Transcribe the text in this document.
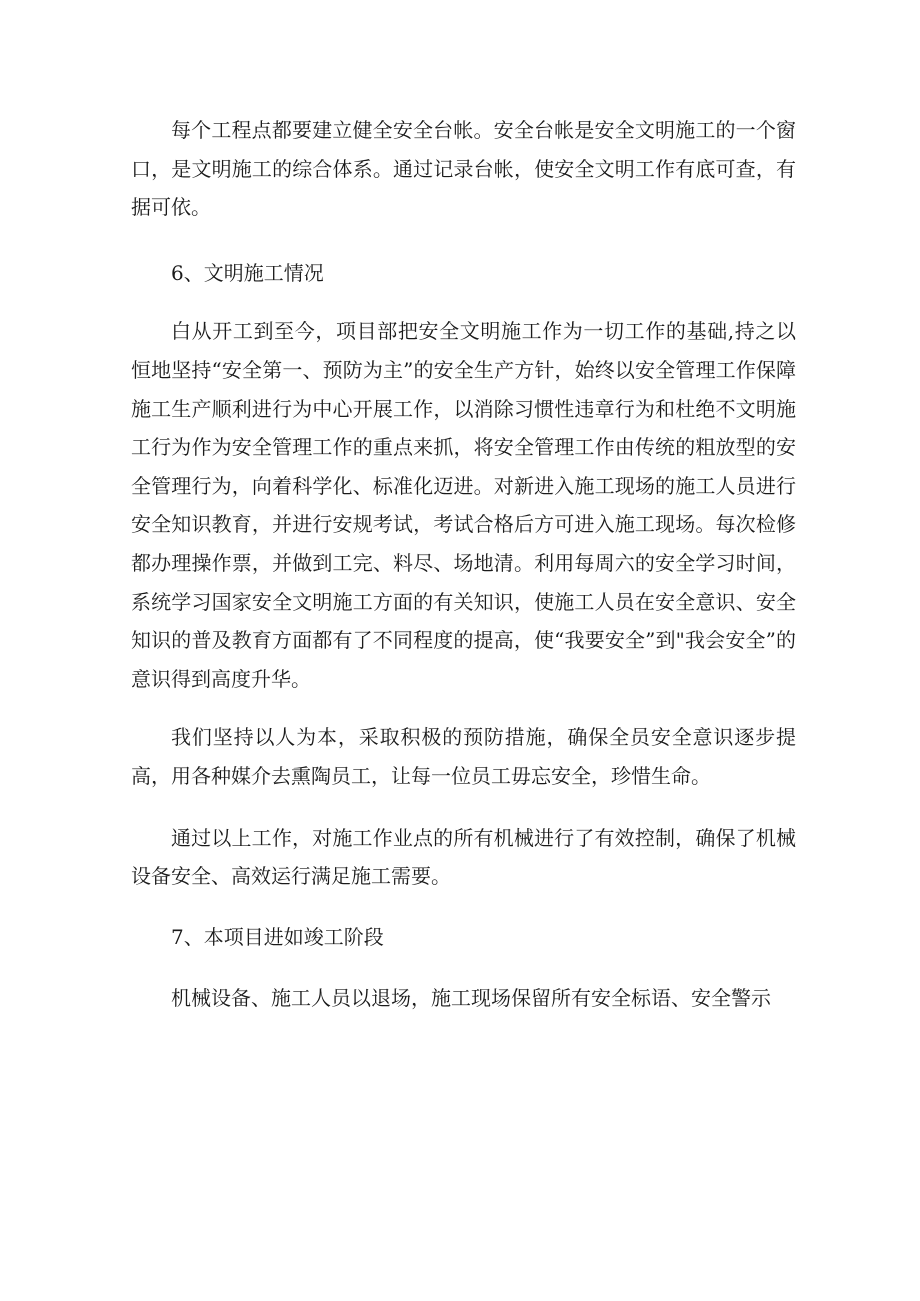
每个工程点都要建立健全安全台帐。安全台帐是安全文明施工的一个窗口，是文明施工的综合体系。通过记录台帐，使安全文明工作有底可查，有据可依。

6、文明施工情况

白从开工到至今，项目部把安全文明施工作为一切工作的基础,持之以恒地坚持“安全第一、预防为主”的安全生产方针，始终以安全管理工作保障施工生产顺利进行为中心开展工作，以消除习惯性违章行为和杜绝不文明施工行为作为安全管理工作的重点来抓，将安全管理工作由传统的粗放型的安全管理行为，向着科学化、标准化迈进。对新进入施工现场的施工人员进行安全知识教育，并进行安规考试，考试合格后方可进入施工现场。每次检修都办理操作票，并做到工完、料尽、场地清。利用每周六的安全学习时间，系统学习国家安全文明施工方面的有关知识，使施工人员在安全意识、安全知识的普及教育方面都有了不同程度的提高，使“我要安全”到"我会安全”的意识得到高度升华。

我们坚持以人为本，采取积极的预防措施，确保全员安全意识逐步提高，用各种媒介去熏陶员工，让每一位员工毋忘安全，珍惜生命。

通过以上工作，对施工作业点的所有机械进行了有效控制，确保了机械设备安全、高效运行满足施工需要。

7、本项目进如竣工阶段

机械设备、施工人员以退场，施工现场保留所有安全标语、安全警示
